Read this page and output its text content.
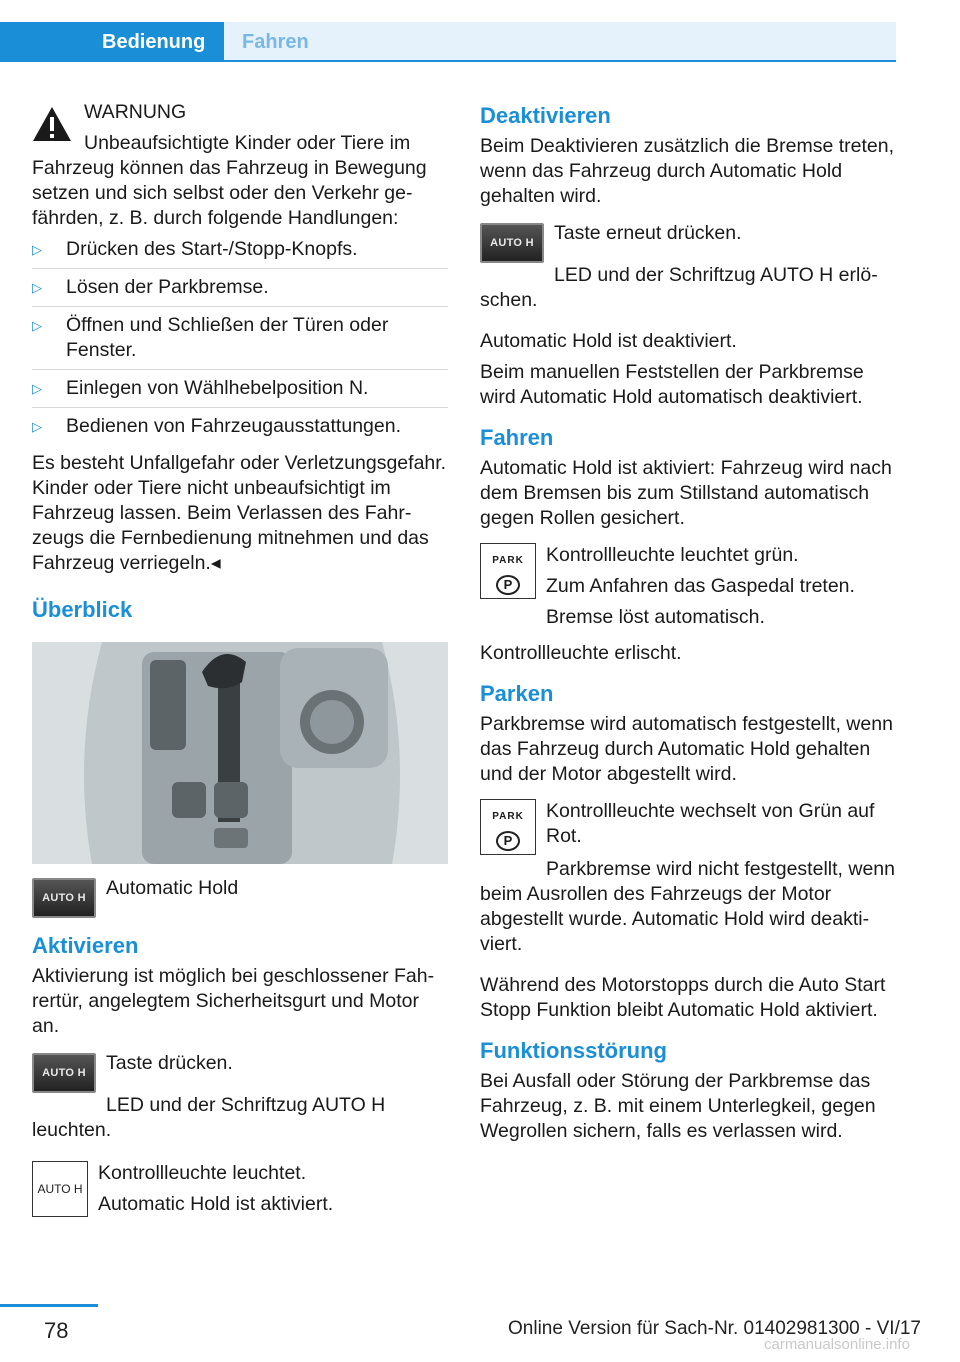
Bedienung Fahren

WARNUNG

Unbeaufsichtigte Kinder oder Tiere im Fahrzeug können das Fahrzeug in Bewegung setzen und sich selbst oder den Verkehr gefährden, z. B. durch folgende Handlungen:

▷ Drücken des Start-/Stopp-Knopfs.
▷ Lösen der Parkbremse.
▷ Öffnen und Schließen der Türen oder Fenster.
▷ Einlegen von Wählhebelposition N.
▷ Bedienen von Fahrzeugausstattungen.

Es besteht Unfallgefahr oder Verletzungsgefahr. Kinder oder Tiere nicht unbeaufsichtigt im Fahrzeug lassen. Beim Verlassen des Fahrzeugs die Fernbedienung mitnehmen und das Fahrzeug verriegeln.◂

Überblick
AUTO H	Automatic Hold

Aktivieren

Aktivierung ist möglich bei geschlossener Fahrertür, angelegtem Sicherheitsgurt und Motor an.

AUTO H	Taste drücken.

LED und der Schriftzug AUTO H leuchten.

AUTO H

Kontrollleuchte leuchtet.

Automatic Hold ist aktiviert.

Deaktivieren

Beim Deaktivieren zusätzlich die Bremse treten, wenn das Fahrzeug durch Automatic Hold gehalten wird.

AUTO H	Taste erneut drücken.

LED und der Schriftzug AUTO H erlöschen.

Automatic Hold ist deaktiviert.

Beim manuellen Feststellen der Parkbremse wird Automatic Hold automatisch deaktiviert.

Fahren

Automatic Hold ist aktiviert: Fahrzeug wird nach dem Bremsen bis zum Stillstand automatisch gegen Rollen gesichert.

PARK
P

Kontrollleuchte leuchtet grün.

Zum Anfahren das Gaspedal treten.

Bremse löst automatisch.

Kontrollleuchte erlischt.

Parken

Parkbremse wird automatisch festgestellt, wenn das Fahrzeug durch Automatic Hold gehalten und der Motor abgestellt wird.

PARK
P

Kontrollleuchte wechselt von Grün auf Rot.

Parkbremse wird nicht festgestellt, wenn beim Ausrollen des Fahrzeugs der Motor abgestellt wurde. Automatic Hold wird deaktiviert.

Während des Motorstopps durch die Auto Start Stopp Funktion bleibt Automatic Hold aktiviert.

Funktionsstörung

Bei Ausfall oder Störung der Parkbremse das Fahrzeug, z. B. mit einem Unterlegkeil, gegen Wegrollen sichern, falls es verlassen wird.

78	Online Version für Sach-Nr. 01402981300 - VI/17
carmanualsonline.info
